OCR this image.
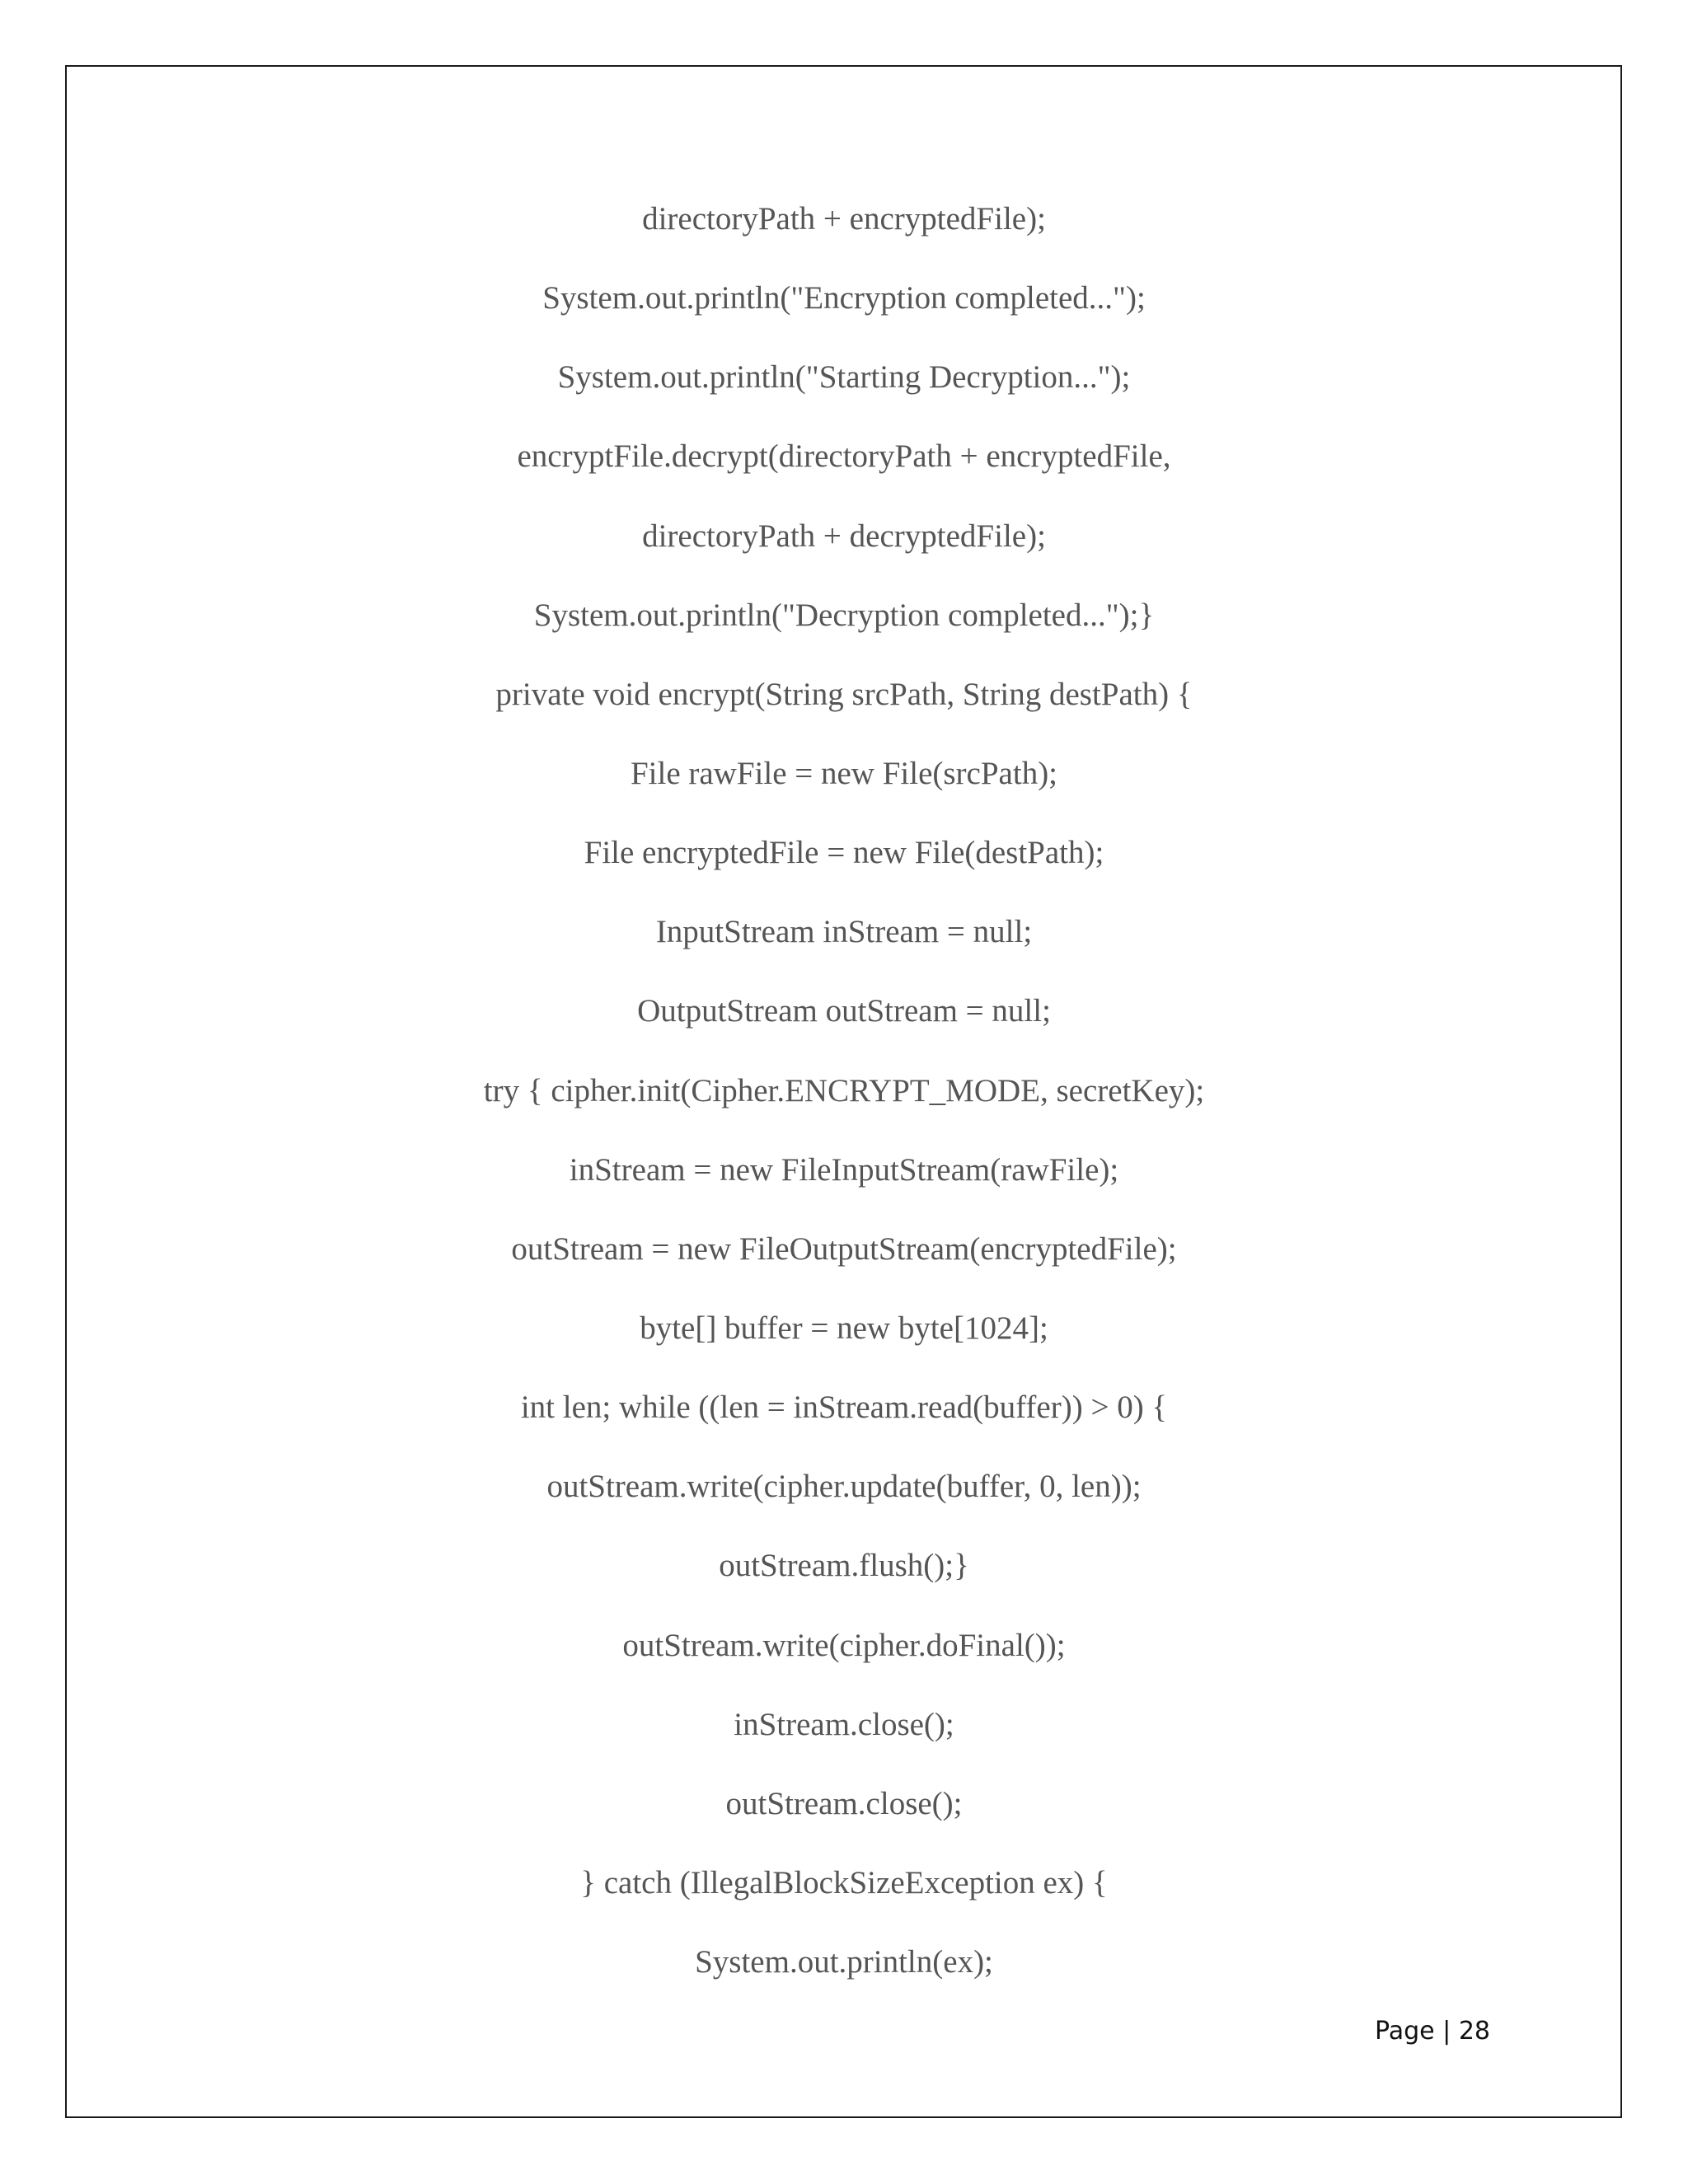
directoryPath + encryptedFile);
System.out.println("Encryption completed...");
System.out.println("Starting Decryption...");
encryptFile.decrypt(directoryPath + encryptedFile,
directoryPath + decryptedFile);
System.out.println("Decryption completed...");}
private void encrypt(String srcPath, String destPath) {
File rawFile = new File(srcPath);
File encryptedFile = new File(destPath);
InputStream inStream = null;
OutputStream outStream = null;
try { cipher.init(Cipher.ENCRYPT_MODE, secretKey);
inStream = new FileInputStream(rawFile);
outStream = new FileOutputStream(encryptedFile);
byte[] buffer = new byte[1024];
int len; while ((len = inStream.read(buffer)) > 0) {
outStream.write(cipher.update(buffer, 0, len));
outStream.flush();}
outStream.write(cipher.doFinal());
inStream.close();
outStream.close();
} catch (IllegalBlockSizeException ex) {
System.out.println(ex);
Page | 28
